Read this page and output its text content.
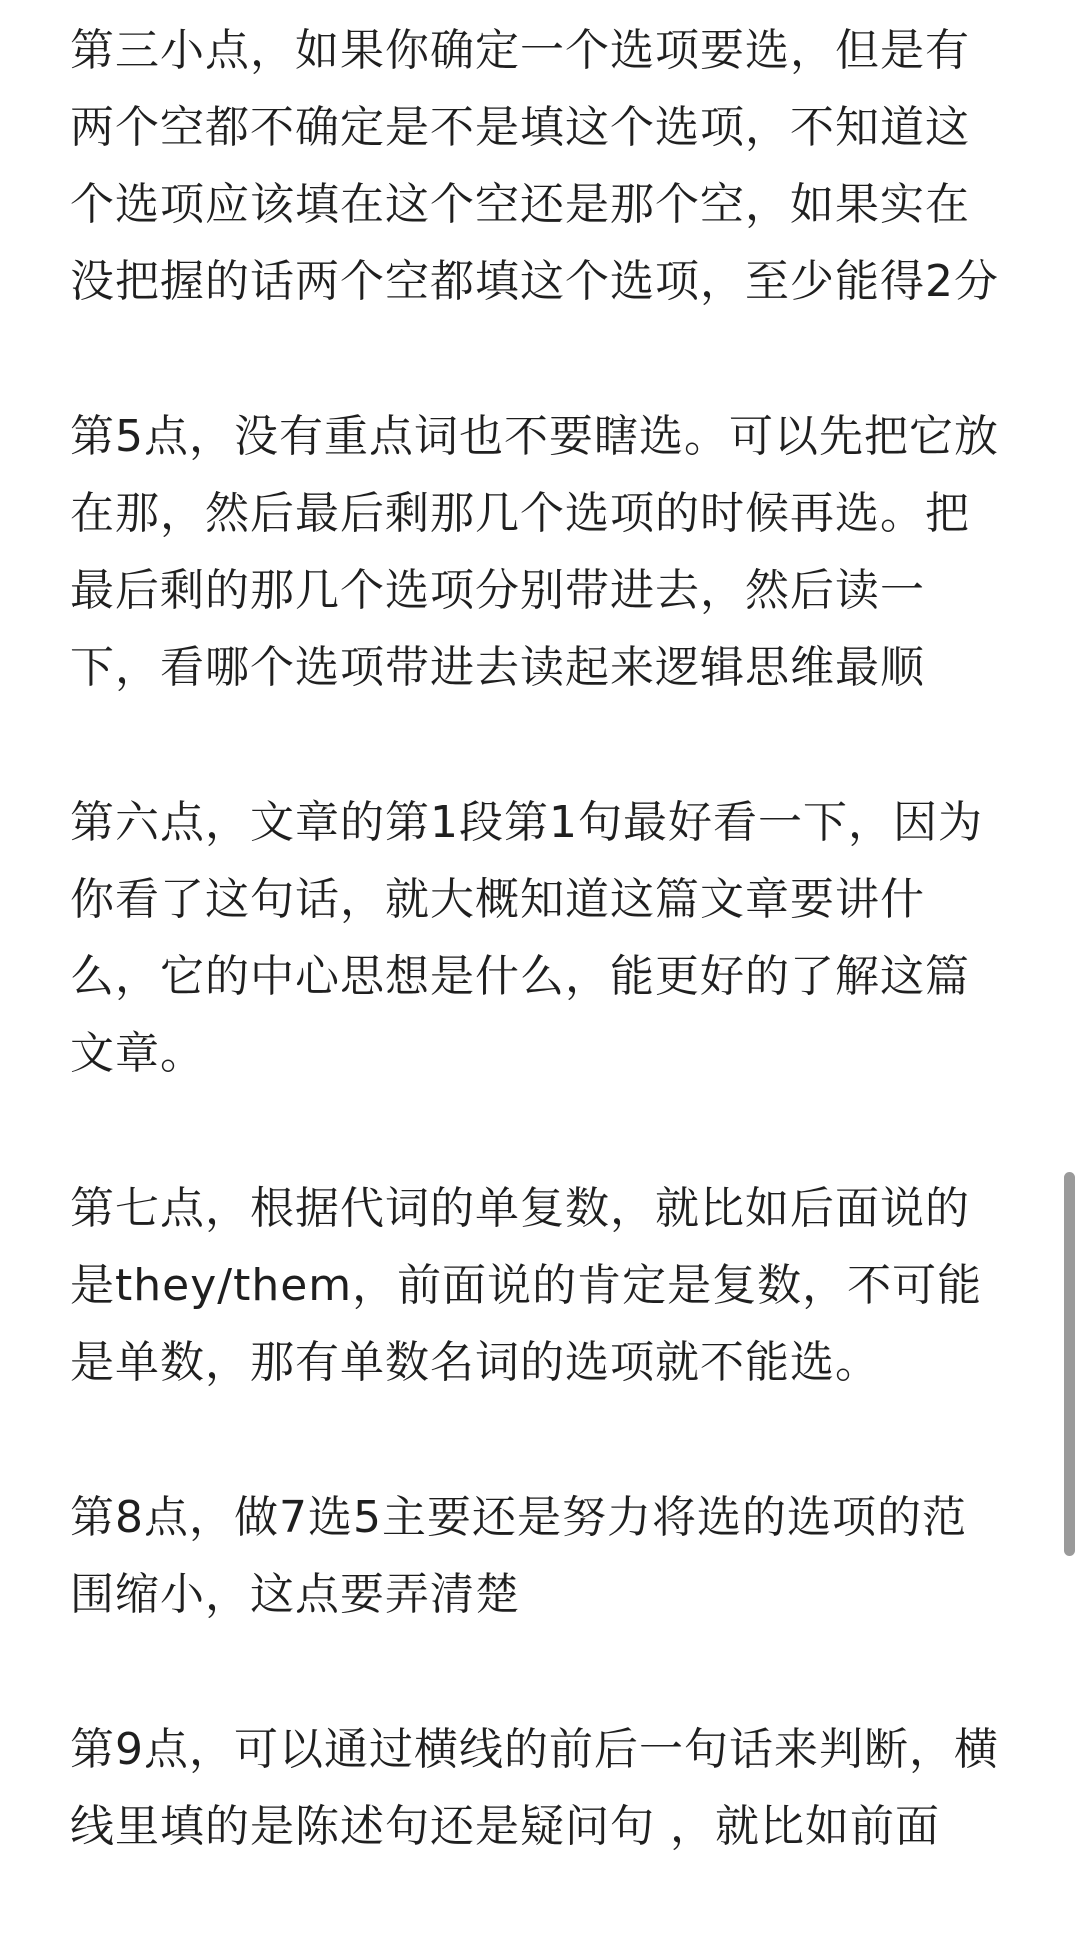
第三小点，如果你确定一个选项要选，但是有两个空都不确定是不是填这个选项，不知道这个选项应该填在这个空还是那个空，如果实在没把握的话两个空都填这个选项，至少能得2分

第5点，没有重点词也不要瞎选。可以先把它放在那，然后最后剩那几个选项的时候再选。把最后剩的那几个选项分别带进去，然后读一下，看哪个选项带进去读起来逻辑思维最顺

第六点，文章的第1段第1句最好看一下，因为你看了这句话，就大概知道这篇文章要讲什么，它的中心思想是什么，能更好的了解这篇文章。

第七点，根据代词的单复数，就比如后面说的是they/them，前面说的肯定是复数，不可能是单数，那有单数名词的选项就不能选。

第8点，做7选5主要还是努力将选的选项的范围缩小，这点要弄清楚

第9点，可以通过横线的前后一句话来判断，横线里填的是陈述句还是疑问句 ，就比如前面
